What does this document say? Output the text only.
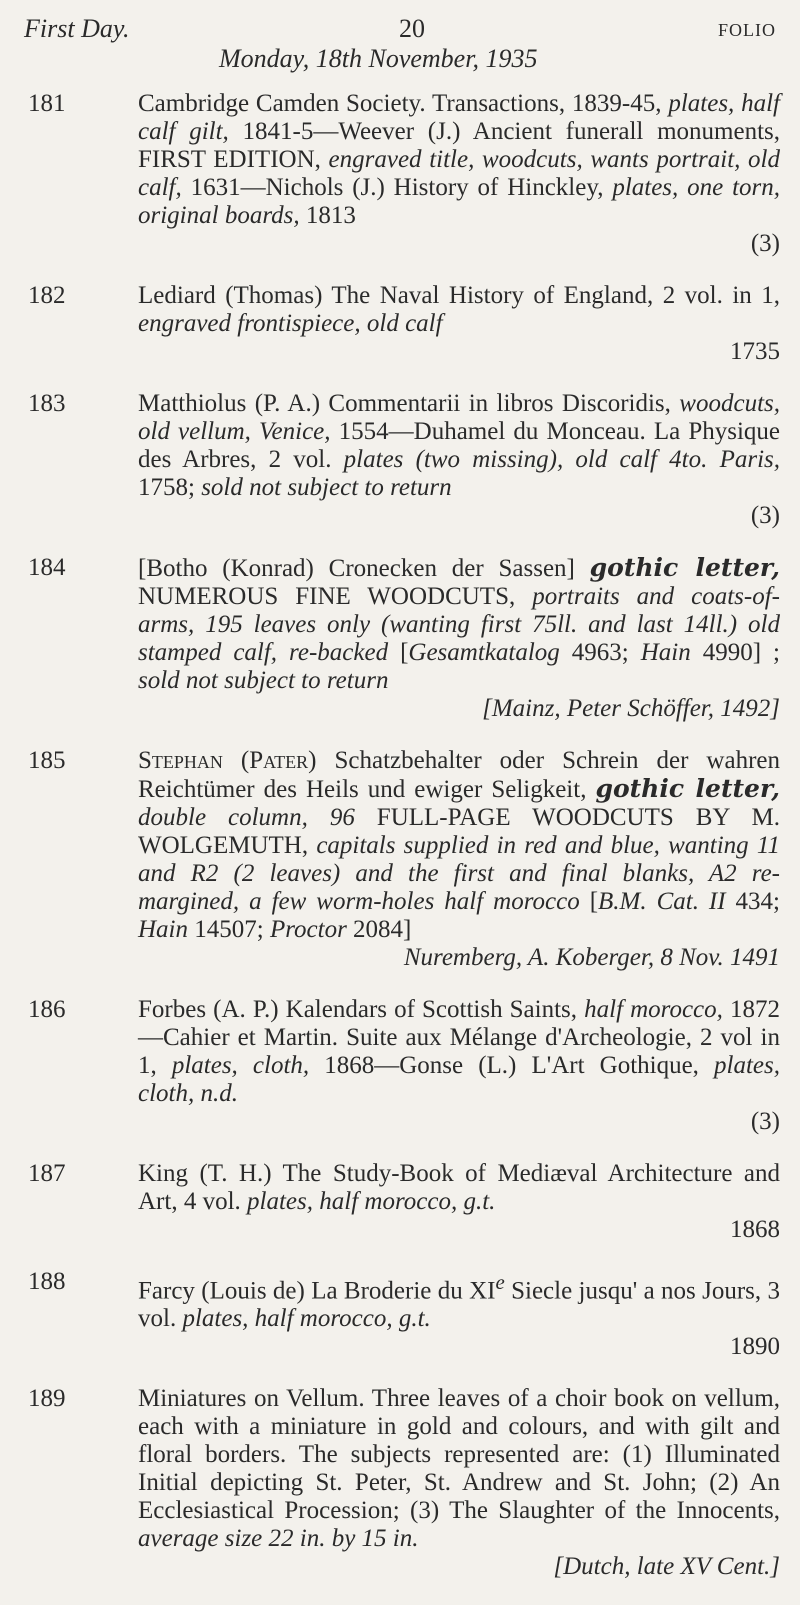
First Day.	20	FOLIO
Monday, 18th November, 1935
181	Cambridge Camden Society. Transactions, 1839-45, plates, half calf gilt, 1841-5—Weever (J.) Ancient funerall monuments, FIRST EDITION, engraved title, woodcuts, wants portrait, old calf, 1631—Nichols (J.) History of Hinckley, plates, one torn, original boards, 1813
(3)
182	Lediard (Thomas) The Naval History of England, 2 vol. in 1, engraved frontispiece, old calf
1735
183	Matthiolus (P. A.) Commentarii in libros Discoridis, woodcuts, old vellum, Venice, 1554—Duhamel du Monceau. La Physique des Arbres, 2 vol. plates (two missing), old calf 4to. Paris, 1758; sold not subject to return
(3)
184	[Botho (Konrad) Cronecken der Sassen] gothic letter, NUMEROUS FINE WOODCUTS, portraits and coats-of-arms, 195 leaves only (wanting first 75ll. and last 14ll.) old stamped calf, re-backed [Gesamtkatalog 4963; Hain 4990] ; sold not subject to return
[Mainz, Peter Schöffer, 1492]
185	Stephan (Pater) Schatzbehalter oder Schrein der wahren Reichtümer des Heils und ewiger Seligkeit, gothic letter, double column, 96 FULL-PAGE WOODCUTS BY M. WOLGEMUTH, capitals supplied in red and blue, wanting 11 and R2 (2 leaves) and the first and final blanks, A2 re-margined, a few worm-holes half morocco [B.M. Cat. II 434; Hain 14507; Proctor 2084]
Nuremberg, A. Koberger, 8 Nov. 1491
186	Forbes (A. P.) Kalendars of Scottish Saints, half morocco, 1872—Cahier et Martin. Suite aux Mélange d'Archeologie, 2 vol in 1, plates, cloth, 1868—Gonse (L.) L'Art Gothique, plates, cloth, n.d.
(3)
187	King (T. H.) The Study-Book of Mediæval Architecture and Art, 4 vol. plates, half morocco, g.t.
1868
188	Farcy (Louis de) La Broderie du XIe Siecle jusqu' a nos Jours, 3 vol. plates, half morocco, g.t.
1890
189	Miniatures on Vellum. Three leaves of a choir book on vellum, each with a miniature in gold and colours, and with gilt and floral borders. The subjects represented are: (1) Illuminated Initial depicting St. Peter, St. Andrew and St. John; (2) An Ecclesiastical Procession; (3) The Slaughter of the Innocents, average size 22 in. by 15 in.
[Dutch, late XV Cent.]
